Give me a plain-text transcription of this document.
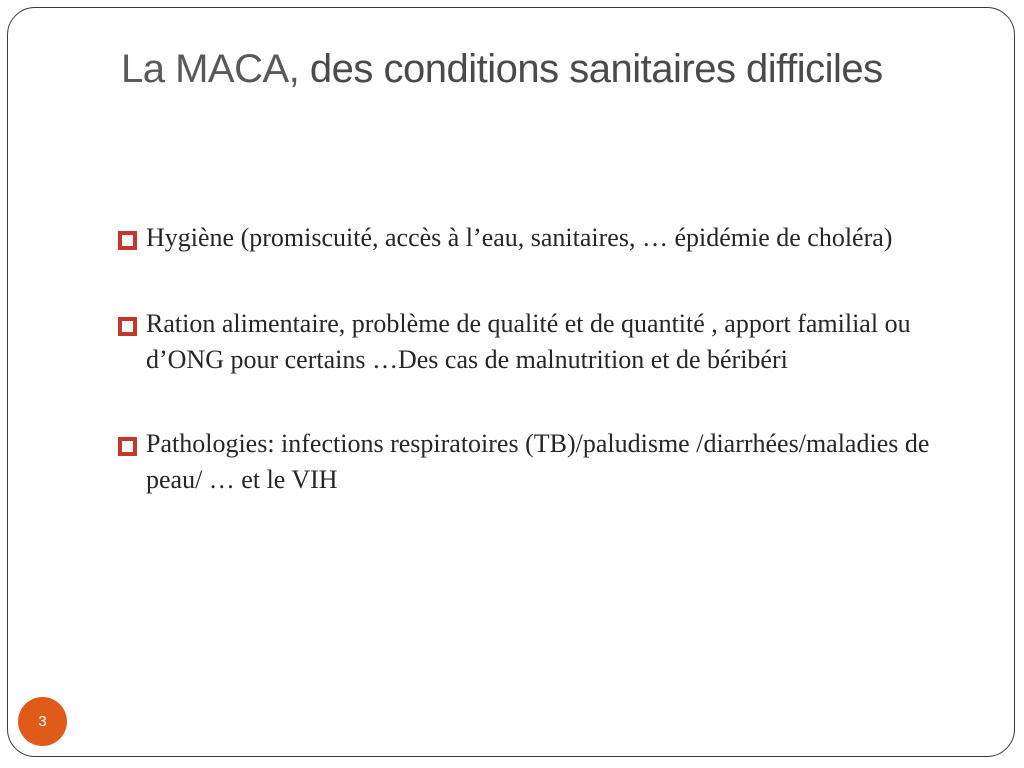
La MACA, des conditions sanitaires difficiles
Hygiène (promiscuité, accès à l’eau, sanitaires, … épidémie de choléra)
Ration alimentaire, problème de qualité et de quantité , apport familial ou d’ONG pour certains …Des cas de malnutrition et de béribéri
Pathologies: infections respiratoires (TB)/paludisme /diarrhées/maladies de peau/ … et le VIH
3
